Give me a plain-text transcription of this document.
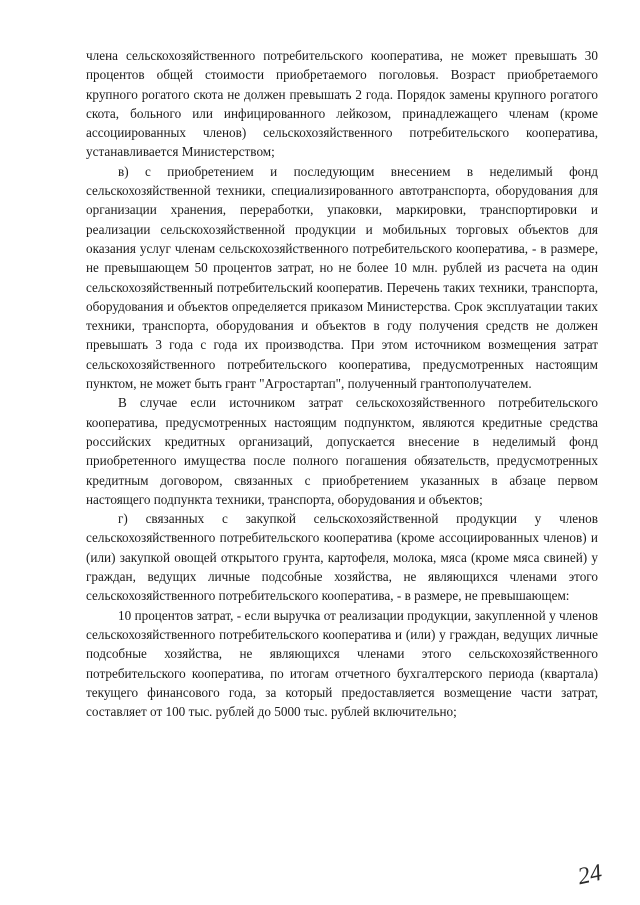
члена сельскохозяйственного потребительского кооператива, не может превышать 30 процентов общей стоимости приобретаемого поголовья. Возраст приобретаемого крупного рогатого скота не должен превышать 2 года. Порядок замены крупного рогатого скота, больного или инфицированного лейкозом, принадлежащего членам (кроме ассоциированных членов) сельскохозяйственного потребительского кооператива, устанавливается Министерством;

в) с приобретением и последующим внесением в неделимый фонд сельскохозяйственной техники, специализированного автотранспорта, оборудования для организации хранения, переработки, упаковки, маркировки, транспортировки и реализации сельскохозяйственной продукции и мобильных торговых объектов для оказания услуг членам сельскохозяйственного потребительского кооператива, - в размере, не превышающем 50 процентов затрат, но не более 10 млн. рублей из расчета на один сельскохозяйственный потребительский кооператив. Перечень таких техники, транспорта, оборудования и объектов определяется приказом Министерства. Срок эксплуатации таких техники, транспорта, оборудования и объектов в году получения средств не должен превышать 3 года с года их производства. При этом источником возмещения затрат сельскохозяйственного потребительского кооператива, предусмотренных настоящим пунктом, не может быть грант "Агростартап", полученный грантополучателем.

В случае если источником затрат сельскохозяйственного потребительского кооператива, предусмотренных настоящим подпунктом, являются кредитные средства российских кредитных организаций, допускается внесение в неделимый фонд приобретенного имущества после полного погашения обязательств, предусмотренных кредитным договором, связанных с приобретением указанных в абзаце первом настоящего подпункта техники, транспорта, оборудования и объектов;

г) связанных с закупкой сельскохозяйственной продукции у членов сельскохозяйственного потребительского кооператива (кроме ассоциированных членов) и (или) закупкой овощей открытого грунта, картофеля, молока, мяса (кроме мяса свиней) у граждан, ведущих личные подсобные хозяйства, не являющихся членами этого сельскохозяйственного потребительского кооператива, - в размере, не превышающем:

10 процентов затрат, - если выручка от реализации продукции, закупленной у членов сельскохозяйственного потребительского кооператива и (или) у граждан, ведущих личные подсобные хозяйства, не являющихся членами этого сельскохозяйственного потребительского кооператива, по итогам отчетного бухгалтерского периода (квартала) текущего финансового года, за который предоставляется возмещение части затрат, составляет от 100 тыс. рублей до 5000 тыс. рублей включительно;

24
